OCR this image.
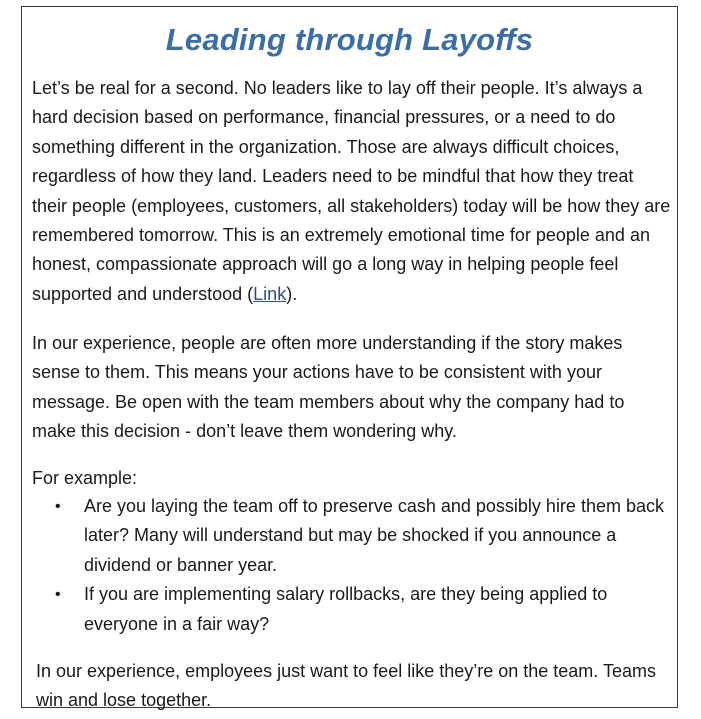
Leading through Layoffs

Let’s be real for a second. No leaders like to lay off their people. It’s always a hard decision based on performance, financial pressures, or a need to do something different in the organization. Those are always difficult choices, regardless of how they land. Leaders need to be mindful that how they treat their people (employees, customers, all stakeholders) today will be how they are remembered tomorrow. This is an extremely emotional time for people and an honest, compassionate approach will go a long way in helping people feel supported and understood (Link).

In our experience, people are often more understanding if the story makes sense to them. This means your actions have to be consistent with your message. Be open with the team members about why the company had to make this decision - don’t leave them wondering why.

For example:

• Are you laying the team off to preserve cash and possibly hire them back later? Many will understand but may be shocked if you announce a dividend or banner year.
• If you are implementing salary rollbacks, are they being applied to everyone in a fair way?

In our experience, employees just want to feel like they’re on the team. Teams win and lose together.
